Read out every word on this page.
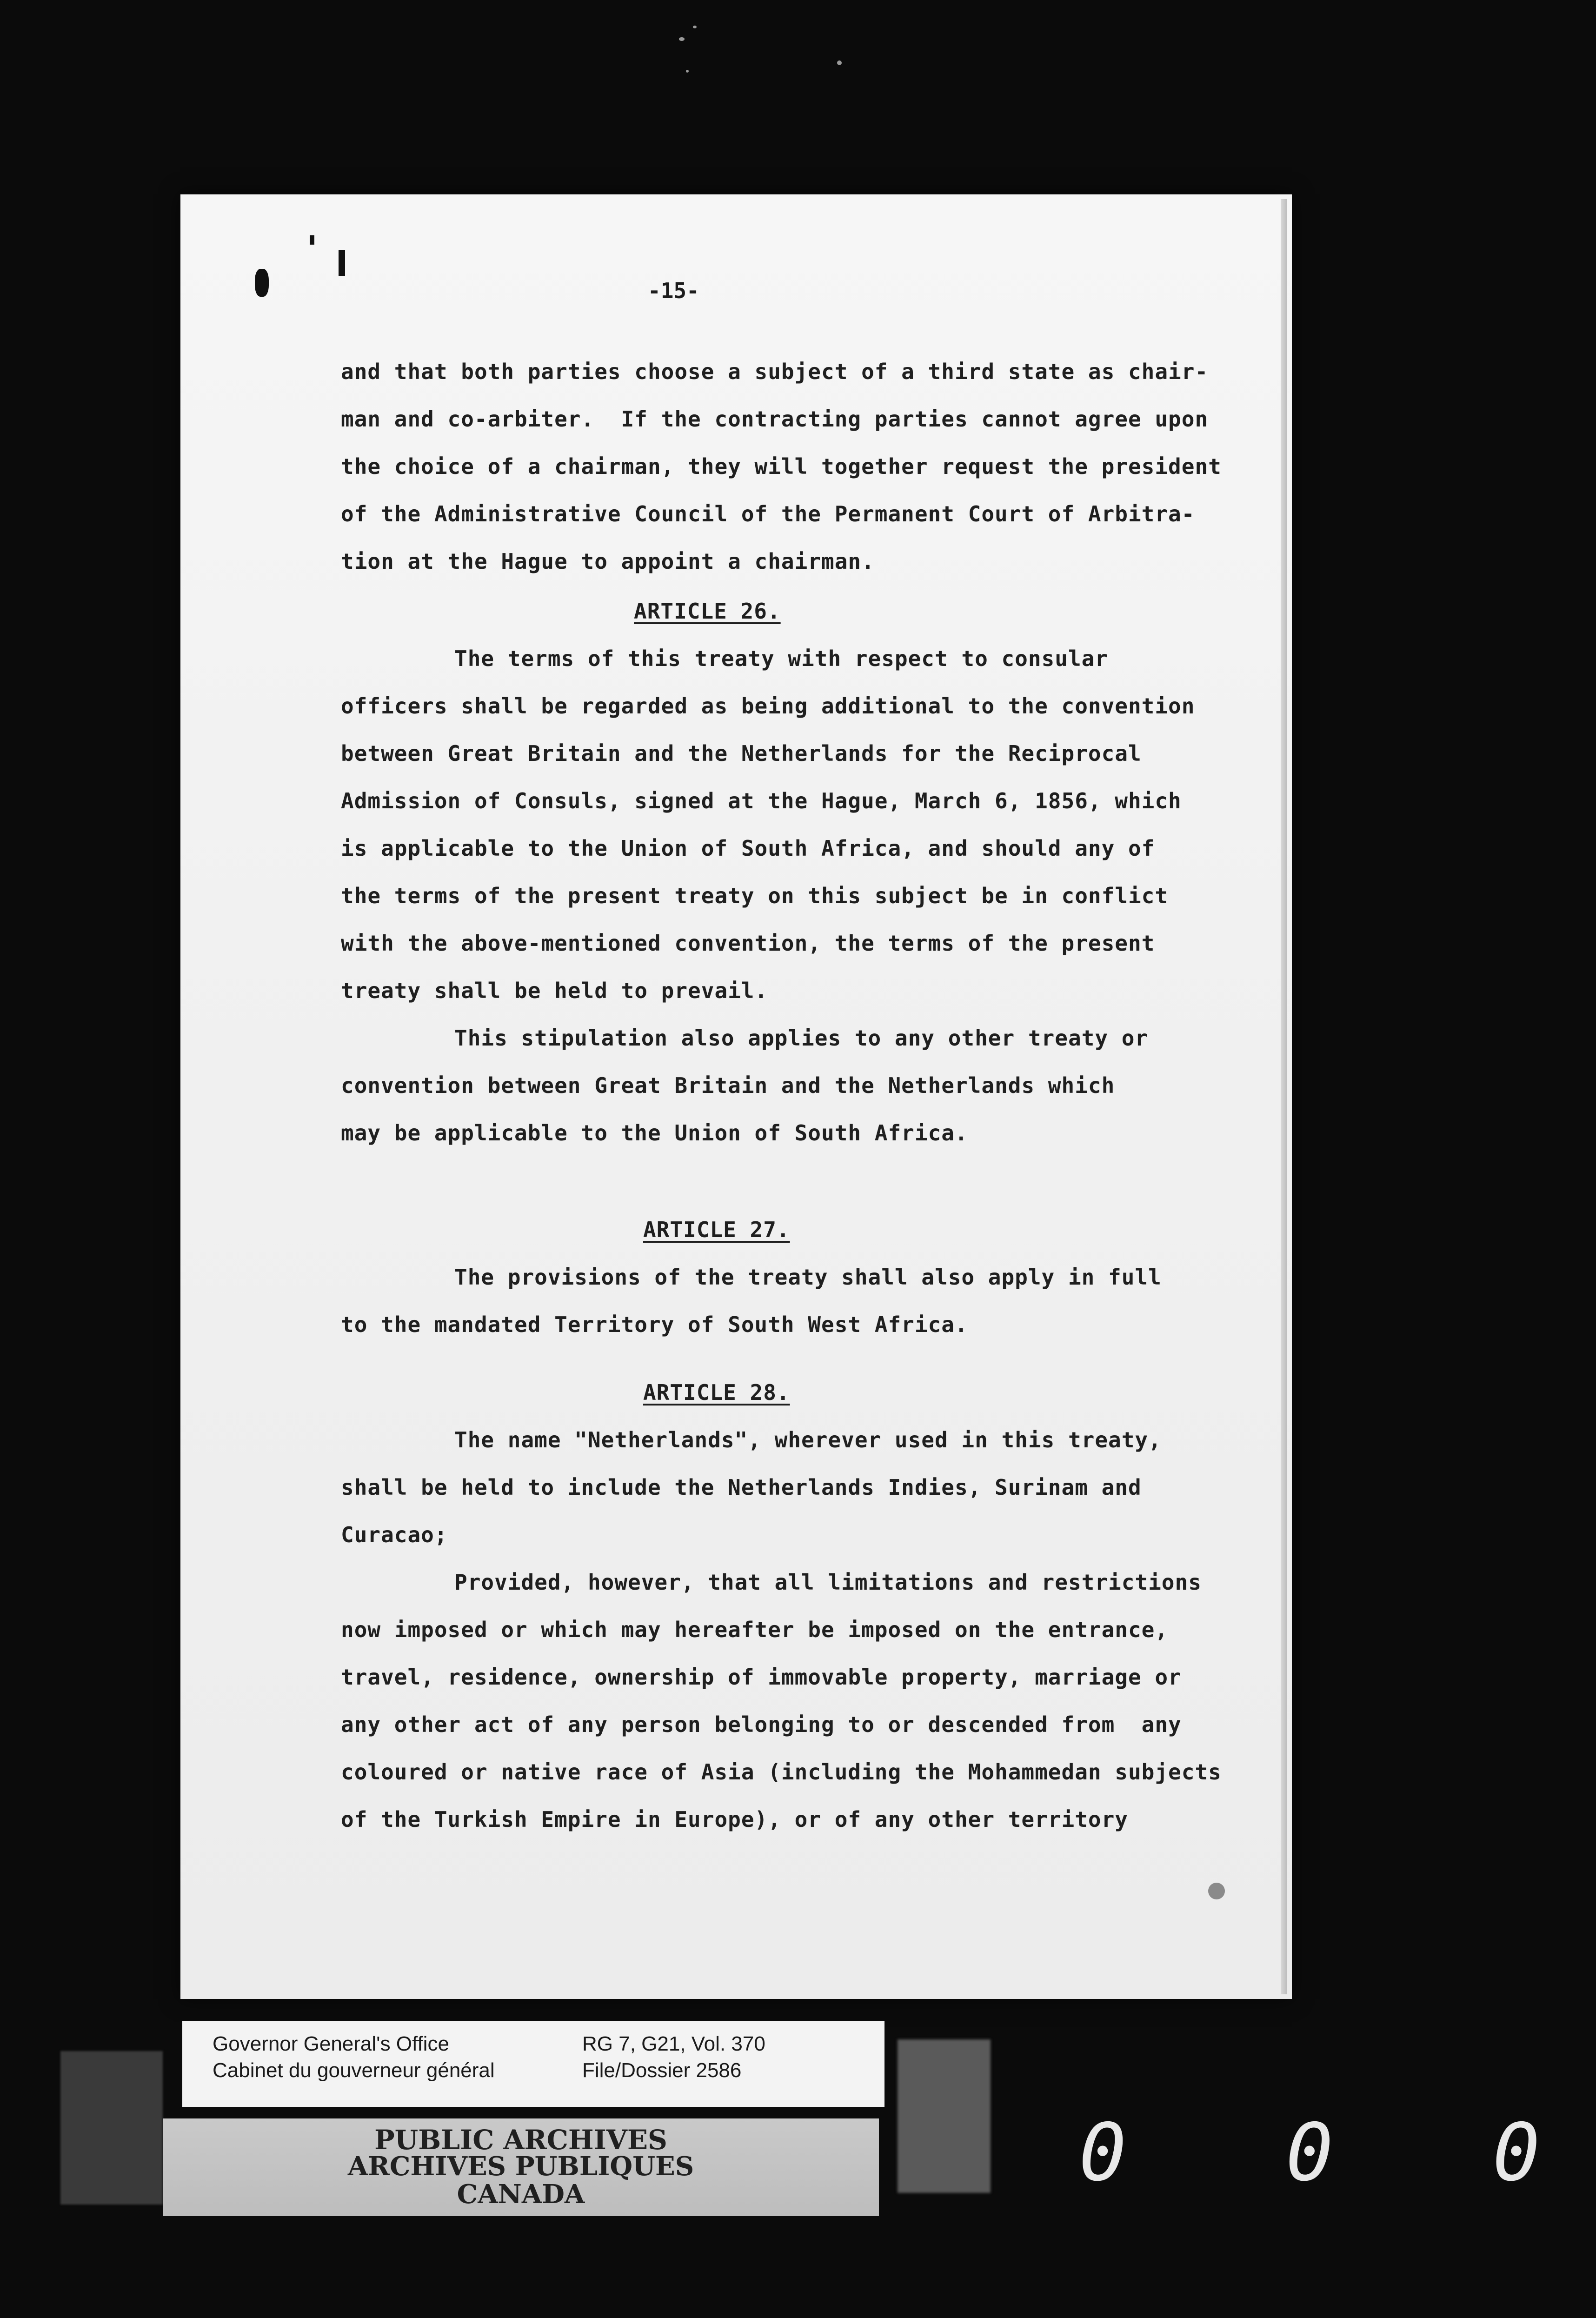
-15-
and that both parties choose a subject of a third state as chair-
man and co-arbiter.  If the contracting parties cannot agree upon
the choice of a chairman, they will together request the president
of the Administrative Council of the Permanent Court of Arbitra-
tion at the Hague to appoint a chairman.
ARTICLE 26.
The terms of this treaty with respect to consular
officers shall be regarded as being additional to the convention
between Great Britain and the Netherlands for the Reciprocal
Admission of Consuls, signed at the Hague, March 6, 1856, which
is applicable to the Union of South Africa, and should any of
the terms of the present treaty on this subject be in conflict
with the above-mentioned convention, the terms of the present
treaty shall be held to prevail.
This stipulation also applies to any other treaty or
convention between Great Britain and the Netherlands which
may be applicable to the Union of South Africa.
ARTICLE 27.
The provisions of the treaty shall also apply in full
to the mandated Territory of South West Africa.
ARTICLE 28.
The name "Netherlands", wherever used in this treaty,
shall be held to include the Netherlands Indies, Surinam and
Curacao;
Provided, however, that all limitations and restrictions
now imposed or which may hereafter be imposed on the entrance,
travel, residence, ownership of immovable property, marriage or
any other act of any person belonging to or descended from  any
coloured or native race of Asia (including the Mohammedan subjects
of the Turkish Empire in Europe), or of any other territory
Governor General's Office
Cabinet du gouverneur général
RG 7, G21, Vol. 370
File/Dossier 2586
PUBLIC ARCHIVES
ARCHIVES PUBLIQUES
CANADA	0 0 0
